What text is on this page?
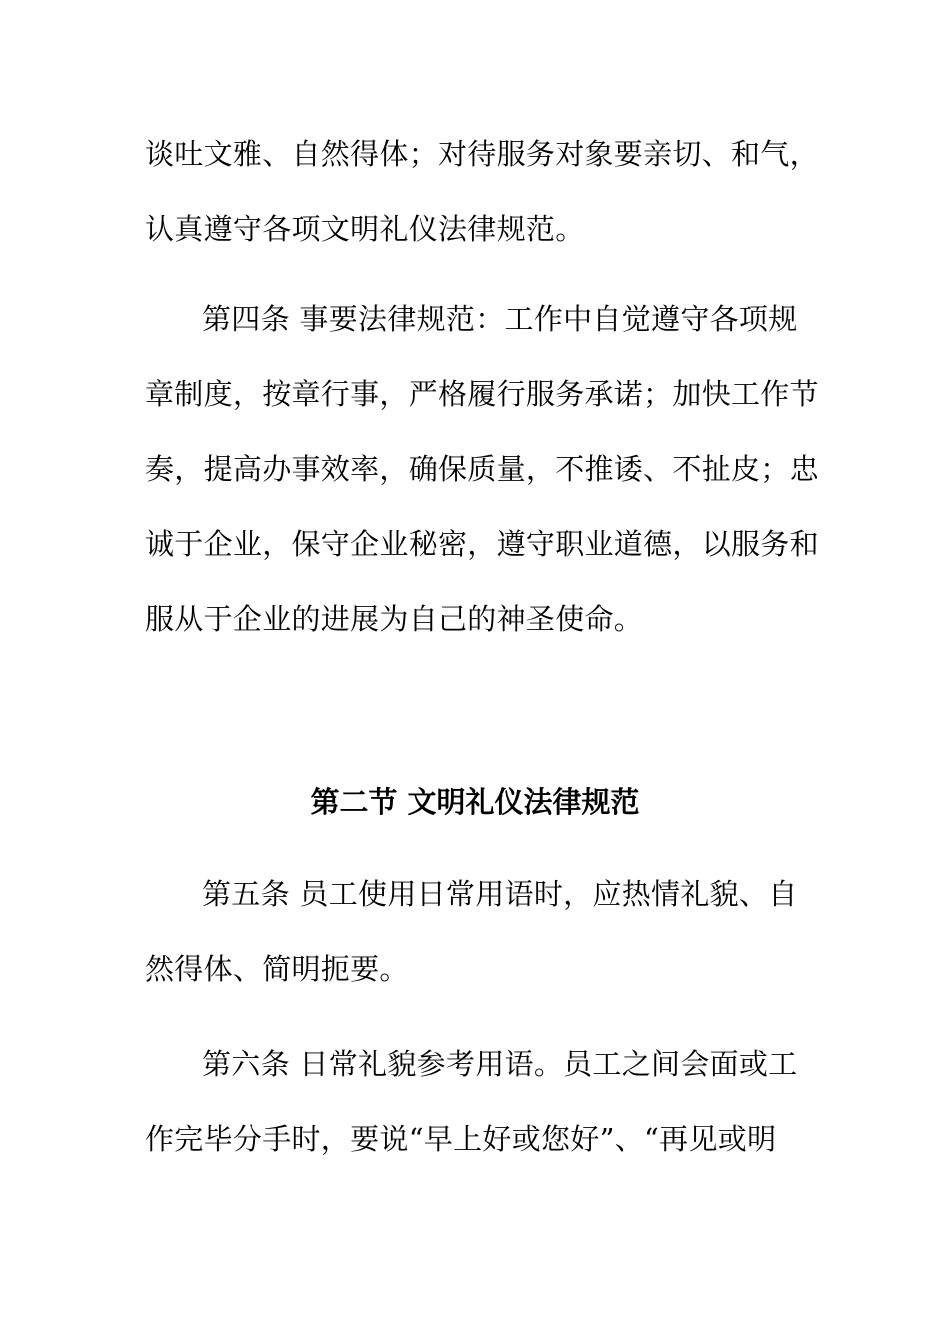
谈吐文雅、自然得体；对待服务对象要亲切、和气，
认真遵守各项文明礼仪法律规范。
第四条 事要法律规范：工作中自觉遵守各项规
章制度，按章行事，严格履行服务承诺；加快工作节
奏，提高办事效率，确保质量，不推诿、不扯皮；忠
诚于企业，保守企业秘密，遵守职业道德，以服务和
服从于企业的进展为自己的神圣使命。
第二节 文明礼仪法律规范
第五条 员工使用日常用语时，应热情礼貌、自
然得体、简明扼要。
第六条 日常礼貌参考用语。员工之间会面或工
作完毕分手时，要说“早上好或您好”、“再见或明
